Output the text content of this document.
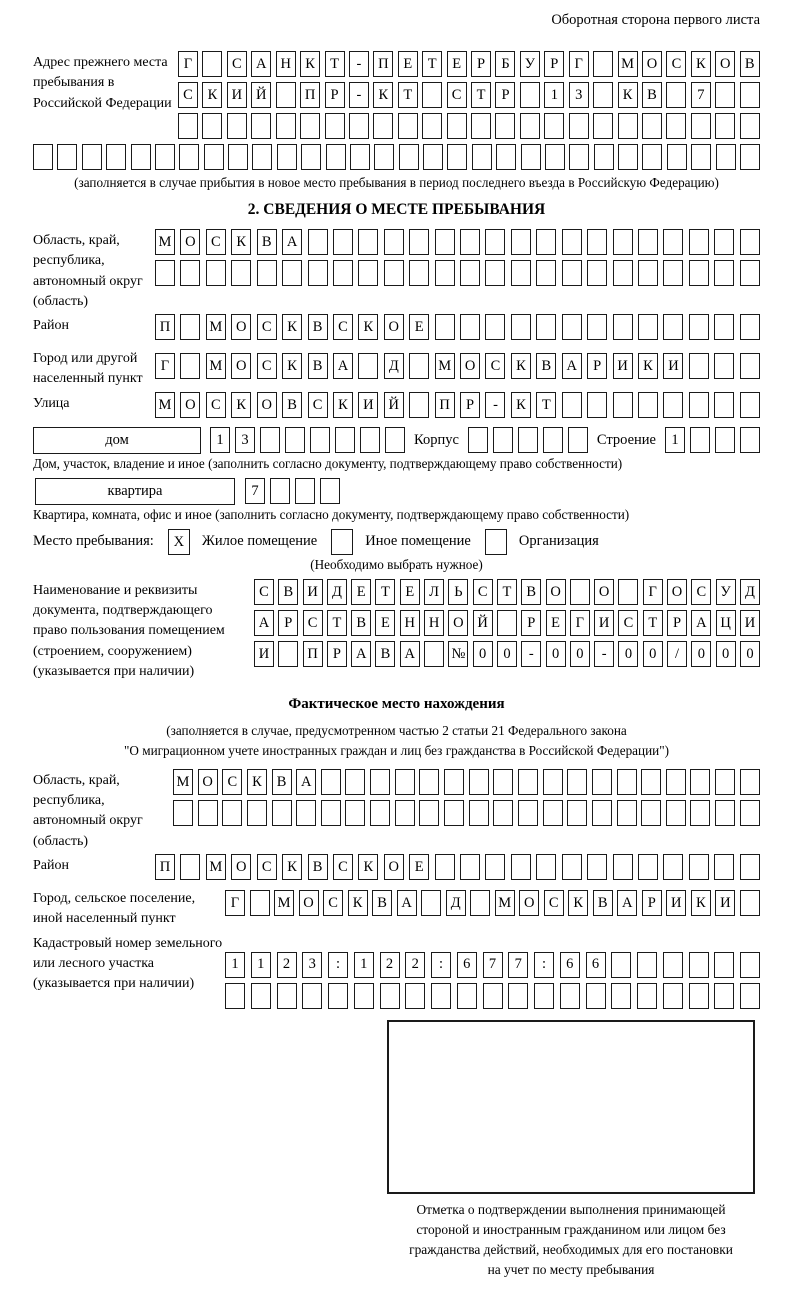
Оборотная сторона первого листа
Адрес прежнего места пребывания в Российской Федерации
Г	С А Н К	Т	-	П	Е	Т	Е	Р	Б	У	Р	Г	М О С	К О В
С	К И Й	П	Р	-	К	Т	С	Т	Р	1	3	К	В	7
(заполняется в случае прибытия в новое место пребывания в период последнего въезда в Российскую Федерацию)
2. СВЕДЕНИЯ О МЕСТЕ ПРЕБЫВАНИЯ
Область, край, республика, автономный округ (область)
М О	С	К	В	А
Район	П	М О	С	К	В	С	К	О	Е
Город или другой населенный пункт
Г	М О	С	К	В	А	Д	М О	С	К	В	А	Р	И	К	И
Улица	М О	С	К	О	В	С	К	И	Й	П	Р	-	К	Т
дом	1	3	Корпус	Строение	1
Дом, участок, владение и иное (заполнить согласно документу, подтверждающему право собственности)
квартира	7
Квартира, комната, офис и иное (заполнить согласно документу, подтверждающему право собственности)
Место пребывания:	X	Жилое помещение	Иное помещение	Организация
(Необходимо выбрать нужное)
Наименование и реквизиты документа, подтверждающего право пользования помещением (строением, сооружением) (указывается при наличии)
С	В И Д	Е	Т	Е	Л	Ь	С	Т	В О	О	Г	О С У Д
А	Р	С	Т	В	Е	Н Н О Й	Р	Е	Г	И С	Т	Р	А Ц И
И	П	Р	А В А	№ 0	0	-	0	0	-	0	0	/	0	0	0
Фактическое место нахождения
(заполняется в случае, предусмотренном частью 2 статьи 21 Федерального закона
"О миграционном учете иностранных граждан и лиц без гражданства в Российской Федерации")
Область, край, республика, автономный округ (область)
М О	С	К	В	А
Район	П	М О	С	К	В	С	К	О	Е
Город, сельское поселение, иной населенный пункт
Г	М О С	К	В А	Д	М О С	К	В А	Р	И К И
Кадастровый номер земельного или лесного участка (указывается при наличии)
1	1	2	3	:	1	2	2	:	6	7	7	:	6	6
Отметка о подтверждении выполнения принимающей
стороной и иностранным гражданином или лицом без
гражданства действий, необходимых для его постановки
на учет по месту пребывания
